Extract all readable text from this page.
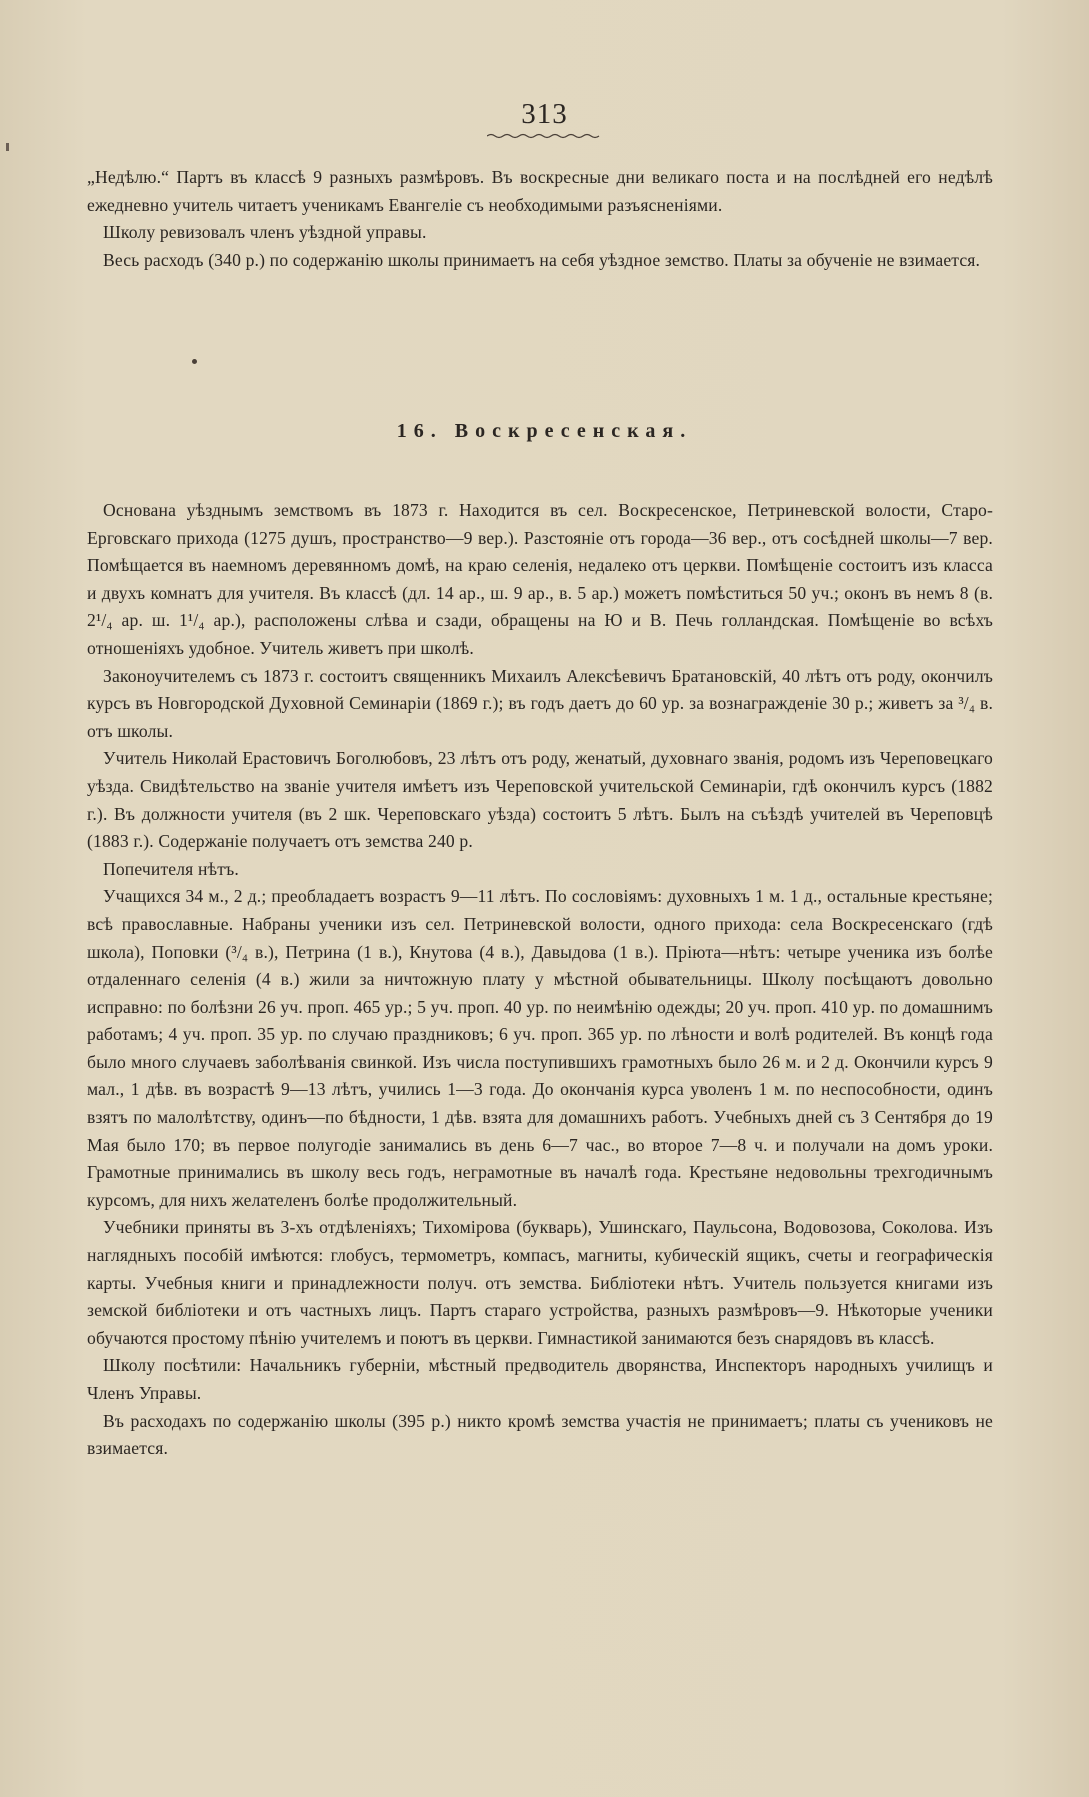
313

„Недѣлю.“ Партъ въ классѣ 9 разныхъ размѣровъ. Въ воскресные дни великаго поста и на послѣдней его недѣлѣ ежедневно учитель читаетъ ученикамъ Евангеліе съ необходимыми разъясненіями.

Школу ревизовалъ членъ уѣздной управы.

Весь расходъ (340 р.) по содержанію школы принимаетъ на себя уѣздное земство. Платы за обученіе не взимается.

16. Воскресенская.

Основана уѣзднымъ земствомъ въ 1873 г. Находится въ сел. Воскресенское, Петриневской волости, Старо-Ерговскаго прихода (1275 душъ, пространство—9 вер.). Разстояніе отъ города—36 вер., отъ сосѣдней школы—7 вер. Помѣщается въ наемномъ деревянномъ домѣ, на краю селенія, недалеко отъ церкви. Помѣщеніе состоитъ изъ класса и двухъ комнатъ для учителя. Въ классѣ (дл. 14 ар., ш. 9 ар., в. 5 ар.) можетъ помѣститься 50 уч.; оконъ въ немъ 8 (в. 2¹/₄ ар. ш. 1¹/₄ ар.), расположены слѣва и сзади, обращены на Ю и В. Печь голландская. Помѣщеніе во всѣхъ отношеніяхъ удобное. Учитель живетъ при школѣ.

Законоучителемъ съ 1873 г. состоитъ священникъ Михаилъ Алексѣевичъ Братановскій, 40 лѣтъ отъ роду, окончилъ курсъ въ Новгородской Духовной Семинаріи (1869 г.); въ годъ даетъ до 60 ур. за вознагражденіе 30 р.; живетъ за ³/₄ в. отъ школы.

Учитель Николай Ерастовичъ Боголюбовъ, 23 лѣтъ отъ роду, женатый, духовнаго званія, родомъ изъ Череповецкаго уѣзда. Свидѣтельство на званіе учителя имѣетъ изъ Череповской учительской Семинаріи, гдѣ окончилъ курсъ (1882 г.). Въ должности учителя (въ 2 шк. Череповскаго уѣзда) состоитъ 5 лѣтъ. Былъ на съѣздѣ учителей въ Череповцѣ (1883 г.). Содержаніе получаетъ отъ земства 240 р.

Попечителя нѣтъ.

Учащихся 34 м., 2 д.; преобладаетъ возрастъ 9—11 лѣтъ. По сословіямъ: духовныхъ 1 м. 1 д., остальные крестьяне; всѣ православные. Набраны ученики изъ сел. Петриневской волости, одного прихода: села Воскресенскаго (гдѣ школа), Поповки (³/₄ в.), Петрина (1 в.), Кнутова (4 в.), Давыдова (1 в.). Пріюта—нѣтъ: четыре ученика изъ болѣе отдаленнаго селенія (4 в.) жили за ничтожную плату у мѣстной обывательницы. Школу посѣщаютъ довольно исправно: по болѣзни 26 уч. проп. 465 ур.; 5 уч. проп. 40 ур. по неимѣнію одежды; 20 уч. проп. 410 ур. по домашнимъ работамъ; 4 уч. проп. 35 ур. по случаю праздниковъ; 6 уч. проп. 365 ур. по лѣности и волѣ родителей. Въ концѣ года было много случаевъ заболѣванія свинкой. Изъ числа поступившихъ грамотныхъ было 26 м. и 2 д. Окончили курсъ 9 мал., 1 дѣв. въ возрастѣ 9—13 лѣтъ, учились 1—3 года. До окончанія курса уволенъ 1 м. по неспособности, одинъ взятъ по малолѣтству, одинъ—по бѣдности, 1 дѣв. взята для домашнихъ работъ. Учебныхъ дней съ 3 Сентября до 19 Мая было 170; въ первое полугодіе занимались въ день 6—7 час., во второе 7—8 ч. и получали на домъ уроки. Грамотные принимались въ школу весь годъ, неграмотные въ началѣ года. Крестьяне недовольны трехгодичнымъ курсомъ, для нихъ желателенъ болѣе продолжительный.

Учебники приняты въ 3-хъ отдѣленіяхъ; Тихомірова (букварь), Ушинскаго, Паульсона, Водовозова, Соколова. Изъ наглядныхъ пособій имѣются: глобусъ, термометръ, компасъ, магниты, кубическій ящикъ, счеты и географическія карты. Учебныя книги и принадлежности получ. отъ земства. Библіотеки нѣтъ. Учитель пользуется книгами изъ земской библіотеки и отъ частныхъ лицъ. Партъ стараго устройства, разныхъ размѣровъ—9. Нѣкоторые ученики обучаются простому пѣнію учителемъ и поютъ въ церкви. Гимнастикой занимаются безъ снарядовъ въ классѣ.

Школу посѣтили: Начальникъ губерніи, мѣстный предводитель дворянства, Инспекторъ народныхъ училищъ и Членъ Управы.

Въ расходахъ по содержанію школы (395 р.) никто кромѣ земства участія не принимаетъ; платы съ учениковъ не взимается.
